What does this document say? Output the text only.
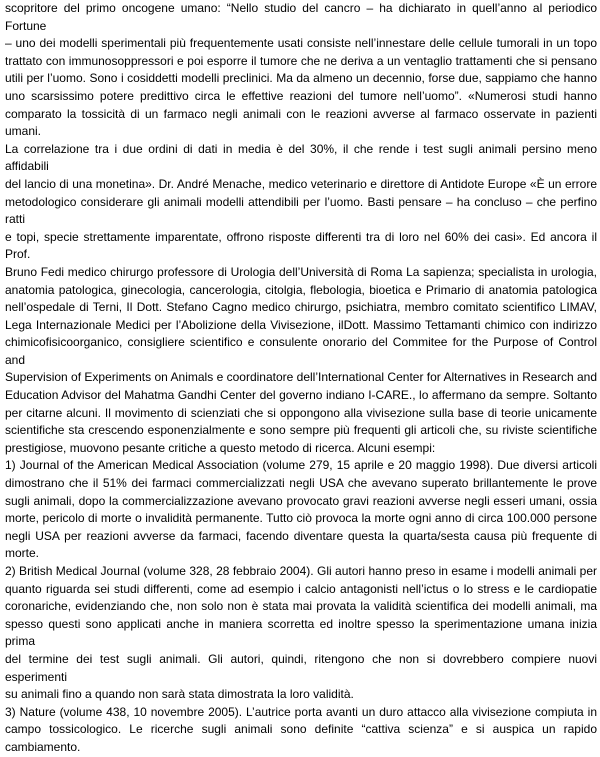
scopritore del primo oncogene umano: “Nello studio del cancro – ha dichiarato in quell’anno al periodico Fortune
– uno dei modelli sperimentali più frequentemente usati consiste nell’innestare delle cellule tumorali in un topo
trattato con immunosoppressori e poi esporre il tumore che ne deriva a un ventaglio trattamenti che si pensano
utili per l’uomo. Sono i cosiddetti modelli preclinici. Ma da almeno un decennio, forse due, sappiamo che hanno
uno scarsissimo potere predittivo circa le effettive reazioni del tumore nell’uomo”. «Numerosi studi hanno
comparato la tossicità di un farmaco negli animali con le reazioni avverse al farmaco osservate in pazienti umani.
La correlazione tra i due ordini di dati in media è del 30%, il che rende i test sugli animali persino meno affidabili
del lancio di una monetina». Dr. André Menache, medico veterinario e direttore di Antidote Europe «È un errore
metodologico considerare gli animali modelli attendibili per l’uomo. Basti pensare – ha concluso – che perfino ratti
e topi, specie strettamente imparentate, offrono risposte differenti tra di loro nel 60% dei casi». Ed ancora il Prof.
Bruno Fedi medico chirurgo professore di Urologia dell’Università di Roma La sapienza; specialista in urologia,
anatomia patologica, ginecologia, cancerologia, citolgia, flebologia, bioetica e Primario di anatomia patologica
nell’ospedale di Terni, Il Dott. Stefano Cagno medico chirurgo, psichiatra, membro comitato scientifico LIMAV,
Lega Internazionale Medici per l’Abolizione della Vivisezione, ilDott. Massimo Tettamanti chimico con indirizzo
chimicofisicoorganico, consigliere scientifico e consulente onorario del Commitee for the Purpose of Control and
Supervision of Experiments on Animals e coordinatore dell’International Center for Alternatives in Research and
Education Advisor del Mahatma Gandhi Center del governo indiano I-CARE., lo affermano da sempre. Soltanto
per citarne alcuni. Il movimento di scienziati che si oppongono alla vivisezione sulla base di teorie unicamente
scientifiche sta crescendo esponenzialmente e sono sempre più frequenti gli articoli che, su riviste scientifiche
prestigiose, muovono pesante critiche a questo metodo di ricerca. Alcuni esempi:
1) Journal of the American Medical Association (volume 279, 15 aprile e 20 maggio 1998). Due diversi articoli
dimostrano che il 51% dei farmaci commercializzati negli USA che avevano superato brillantemente le prove
sugli animali, dopo la commercializzazione avevano provocato gravi reazioni avverse negli esseri umani, ossia
morte, pericolo di morte o invalidità permanente. Tutto ciò provoca la morte ogni anno di circa 100.000 persone
negli USA per reazioni avverse da farmaci, facendo diventare questa la quarta/sesta causa più frequente di
morte.
2) British Medical Journal (volume 328, 28 febbraio 2004). Gli autori hanno preso in esame i modelli animali per
quanto riguarda sei studi differenti, come ad esempio i calcio antagonisti nell’ictus o lo stress e le cardiopatie
coronariche, evidenziando che, non solo non è stata mai provata la validità scientifica dei modelli animali, ma
spesso questi sono applicati anche in maniera scorretta ed inoltre spesso la sperimentazione umana inizia prima
del termine dei test sugli animali. Gli autori, quindi, ritengono che non si dovrebbero compiere nuovi esperimenti
su animali fino a quando non sarà stata dimostrata la loro validità.
3) Nature (volume 438, 10 novembre 2005). L’autrice porta avanti un duro attacco alla vivisezione compiuta in
campo tossicologico. Le ricerche sugli animali sono definite “cattiva scienza” e si auspica un rapido
cambiamento.
